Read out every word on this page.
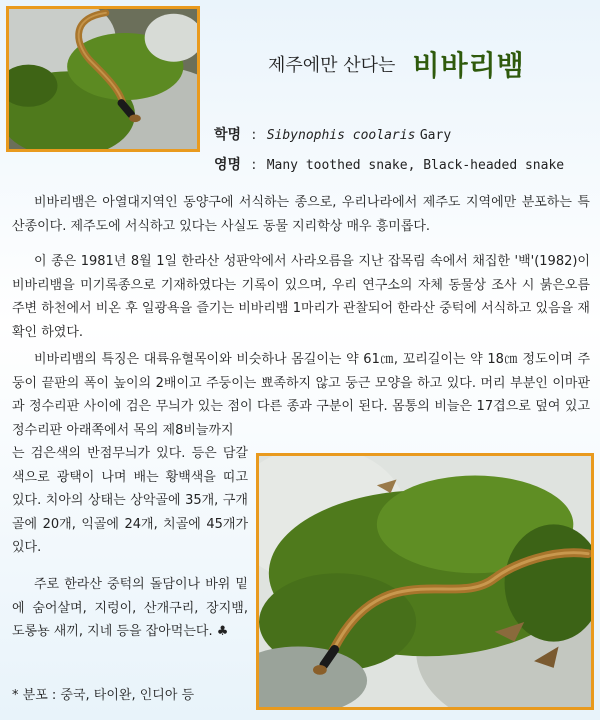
제주에만 산다는 비바리뱀
학명 : Sibynophis coolaris Gary
영명 : Many toothed snake, Black-headed snake

비바리뱀은 아열대지역인 동양구에 서식하는 종으로, 우리나라에서 제주도 지역에만 분포하는 특산종이다. 제주도에 서식하고 있다는 사실도 동물 지리학상 매우 흥미롭다.

이 종은 1981년 8월 1일 한라산 성판악에서 사라오름을 지난 잡목림 속에서 채집한 '백'(1982)이 비바리뱀을 미기록종으로 기재하였다는 기록이 있으며, 우리 연구소의 자체 동물상 조사 시 붉은오름 주변 하천에서 비온 후 일광욕을 즐기는 비바리뱀 1마리가 관찰되어 한라산 중턱에 서식하고 있음을 재확인 하였다.

비바리뱀의 특징은 대륙유혈목이와 비슷하나 몸길이는 약 61㎝, 꼬리길이는 약 18㎝ 정도이며 주둥이 끝판의 폭이 높이의 2배이고 주둥이는 뾰족하지 않고 둥근 모양을 하고 있다. 머리 부분인 이마판과 정수리판 사이에 검은 무늬가 있는 점이 다른 종과 구분이 된다. 몸통의 비늘은 17겹으로 덮여 있고 정수리판 아래쪽에서 목의 제8비늘까지

는 검은색의 반점무늬가 있다. 등은 담갈색으로 광택이 나며 배는 황백색을 띠고 있다. 치아의 상태는 상악골에 35개, 구개골에 20개, 익골에 24개, 치골에 45개가 있다.

주로 한라산 중턱의 돌담이나 바위 밑에 숨어살며, 지렁이, 산개구리, 장지뱀, 도롱뇽 새끼, 지네 등을 잡아먹는다. ♣

* 분포 : 중국, 타이완, 인디아 등
